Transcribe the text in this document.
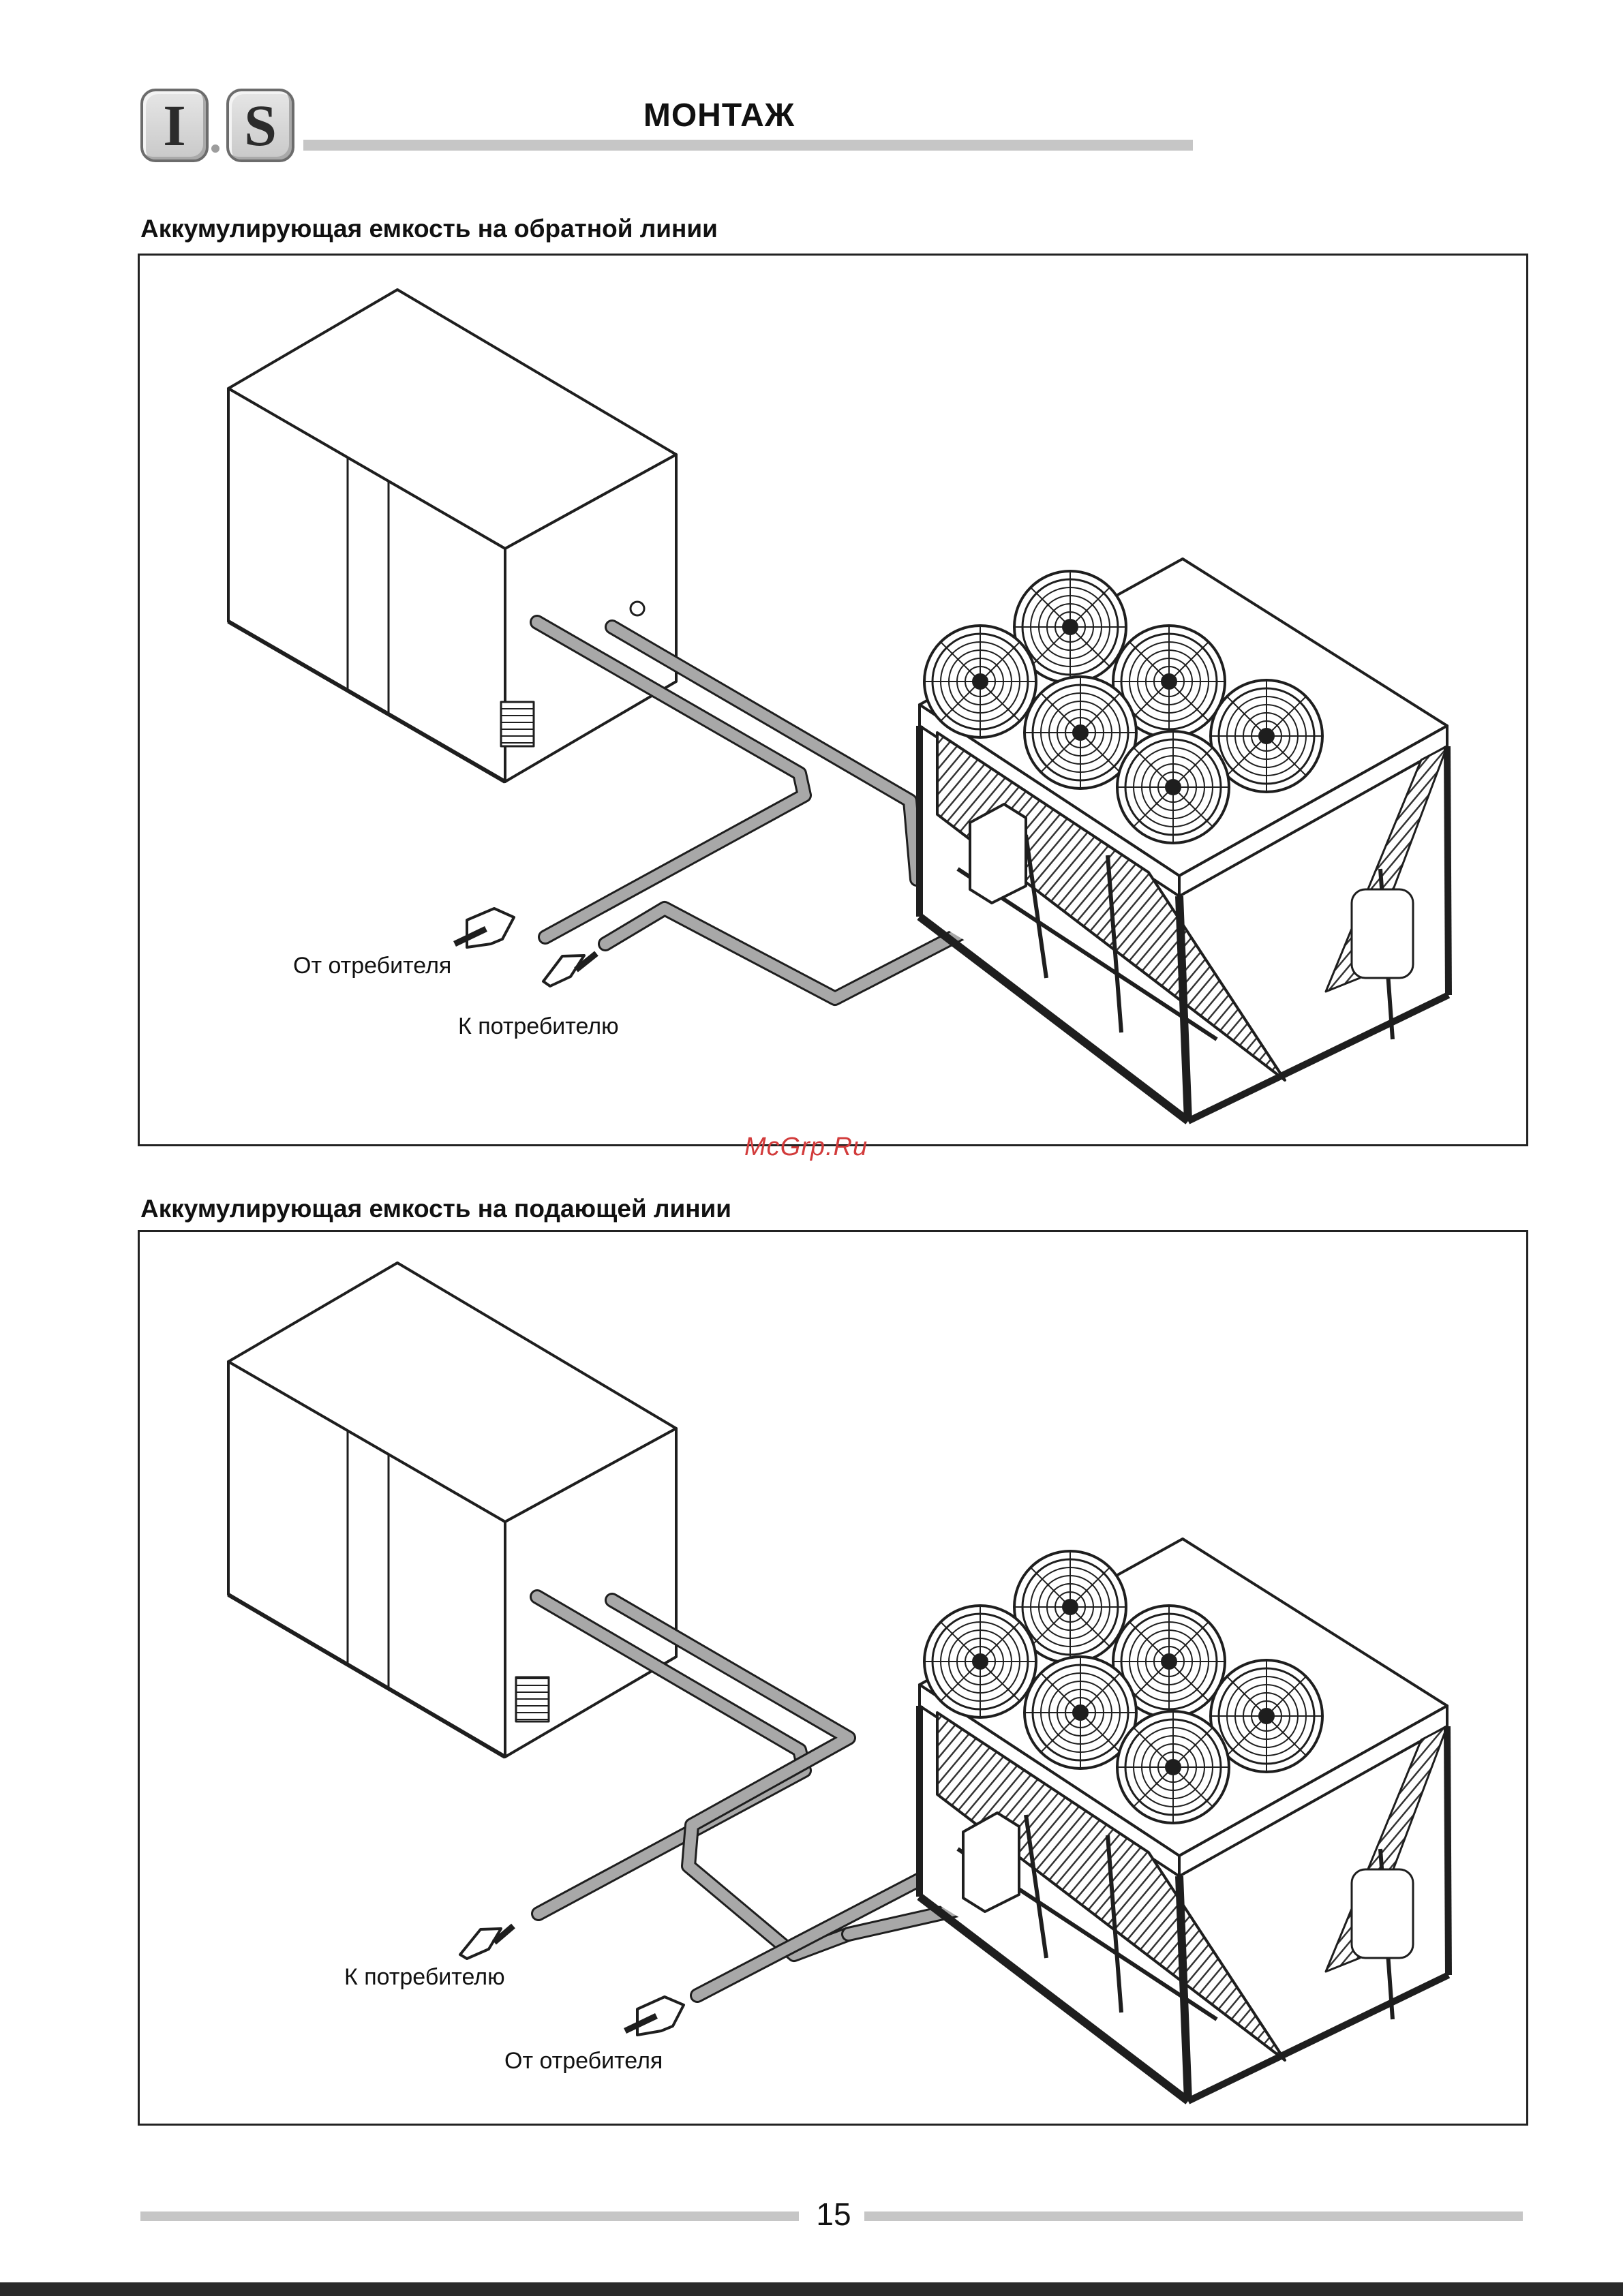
I S	МОНТАЖ
Аккумулирующая емкость на обратной линии
От отребителя
К потребителю
McGrp.Ru
Аккумулирующая емкость на подающей линии
К потребителю
От отребителя
15
